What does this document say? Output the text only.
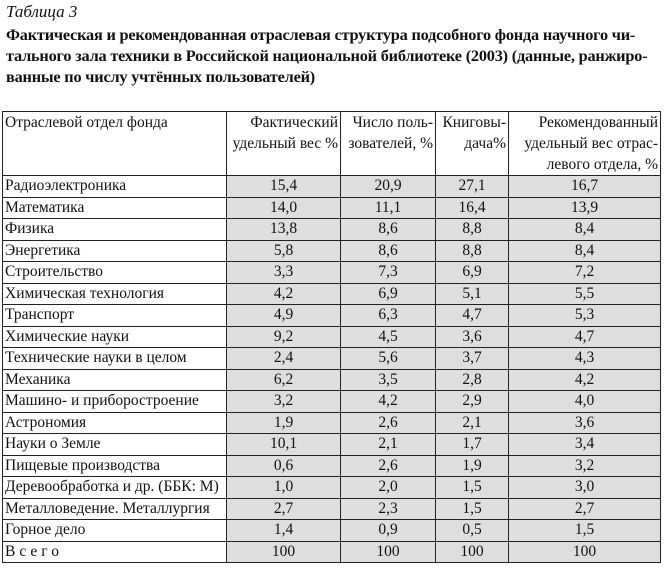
Таблица 3
Фактическая и рекомендованная отраслевая структура подсобного фонда научного чи-
тального зала техники в Российской национальной библиотеке (2003) (данные, ранжиро-
ванные по числу учтённых пользователей)
Отраслевой отдел фонда	Фактический удельный вес %	Число поль-зователей, %	Книговы-дача%	Рекомендованный удельный вес отрас-левого отдела, %
Радиоэлектроника	15,4	20,9	27,1	16,7
Математика	14,0	11,1	16,4	13,9
Физика	13,8	8,6	8,8	8,4
Энергетика	5,8	8,6	8,8	8,4
Строительство	3,3	7,3	6,9	7,2
Химическая технология	4,2	6,9	5,1	5,5
Транспорт	4,9	6,3	4,7	5,3
Химические науки	9,2	4,5	3,6	4,7
Технические науки в целом	2,4	5,6	3,7	4,3
Механика	6,2	3,5	2,8	4,2
Машино- и приборостроение	3,2	4,2	2,9	4,0
Астрономия	1,9	2,6	2,1	3,6
Науки о Земле	10,1	2,1	1,7	3,4
Пищевые производства	0,6	2,6	1,9	3,2
Деревообработка и др. (ББК: М)	1,0	2,0	1,5	3,0
Металловедение. Металлургия	2,7	2,3	1,5	2,7
Горное дело	1,4	0,9	0,5	1,5
Всего	100	100	100	100
